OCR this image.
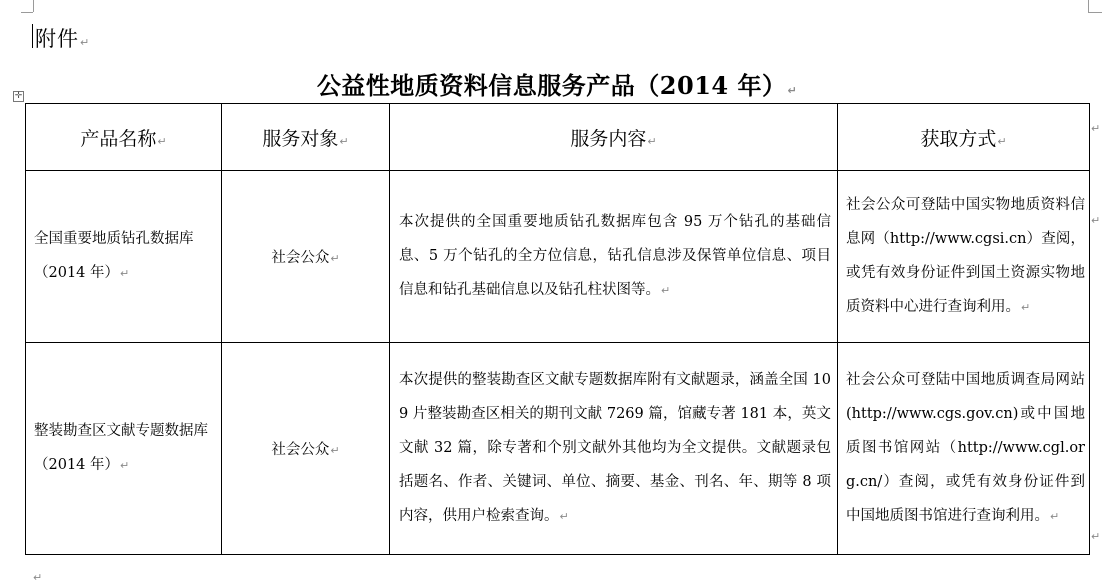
附件↵
公益性地质资料信息服务产品（2014 年）↵
✛
产品名称↵	服务对象↵	服务内容↵	获取方式↵
全国重要地质钻孔数据库（2014 年）↵	社会公众↵	本次提供的全国重要地质钻孔数据库包含 95 万个钻孔的基础信息、5 万个钻孔的全方位信息，钻孔信息涉及保管单位信息、项目信息和钻孔基础信息以及钻孔柱状图等。↵	社会公众可登陆中国实物地质资料信息网（http://www.cgsi.cn）查阅，或凭有效身份证件到国土资源实物地质资料中心进行查询利用。↵
整装勘查区文献专题数据库（2014 年）↵	社会公众↵	本次提供的整装勘查区文献专题数据库附有文献题录，涵盖全国 109 片整装勘查区相关的期刊文献 7269 篇，馆藏专著 181 本，英文文献 32 篇，除专著和个别文献外其他均为全文提供。文献题录包括题名、作者、关键词、单位、摘要、基金、刊名、年、期等 8 项内容，供用户检索查询。↵	社会公众可登陆中国地质调查局网站(http://www.cgs.gov.cn)或中国地质图书馆网站（http://www.cgl.org.cn/）查阅，或凭有效身份证件到中国地质图书馆进行查询利用。↵
↵
↵
↵
↵
